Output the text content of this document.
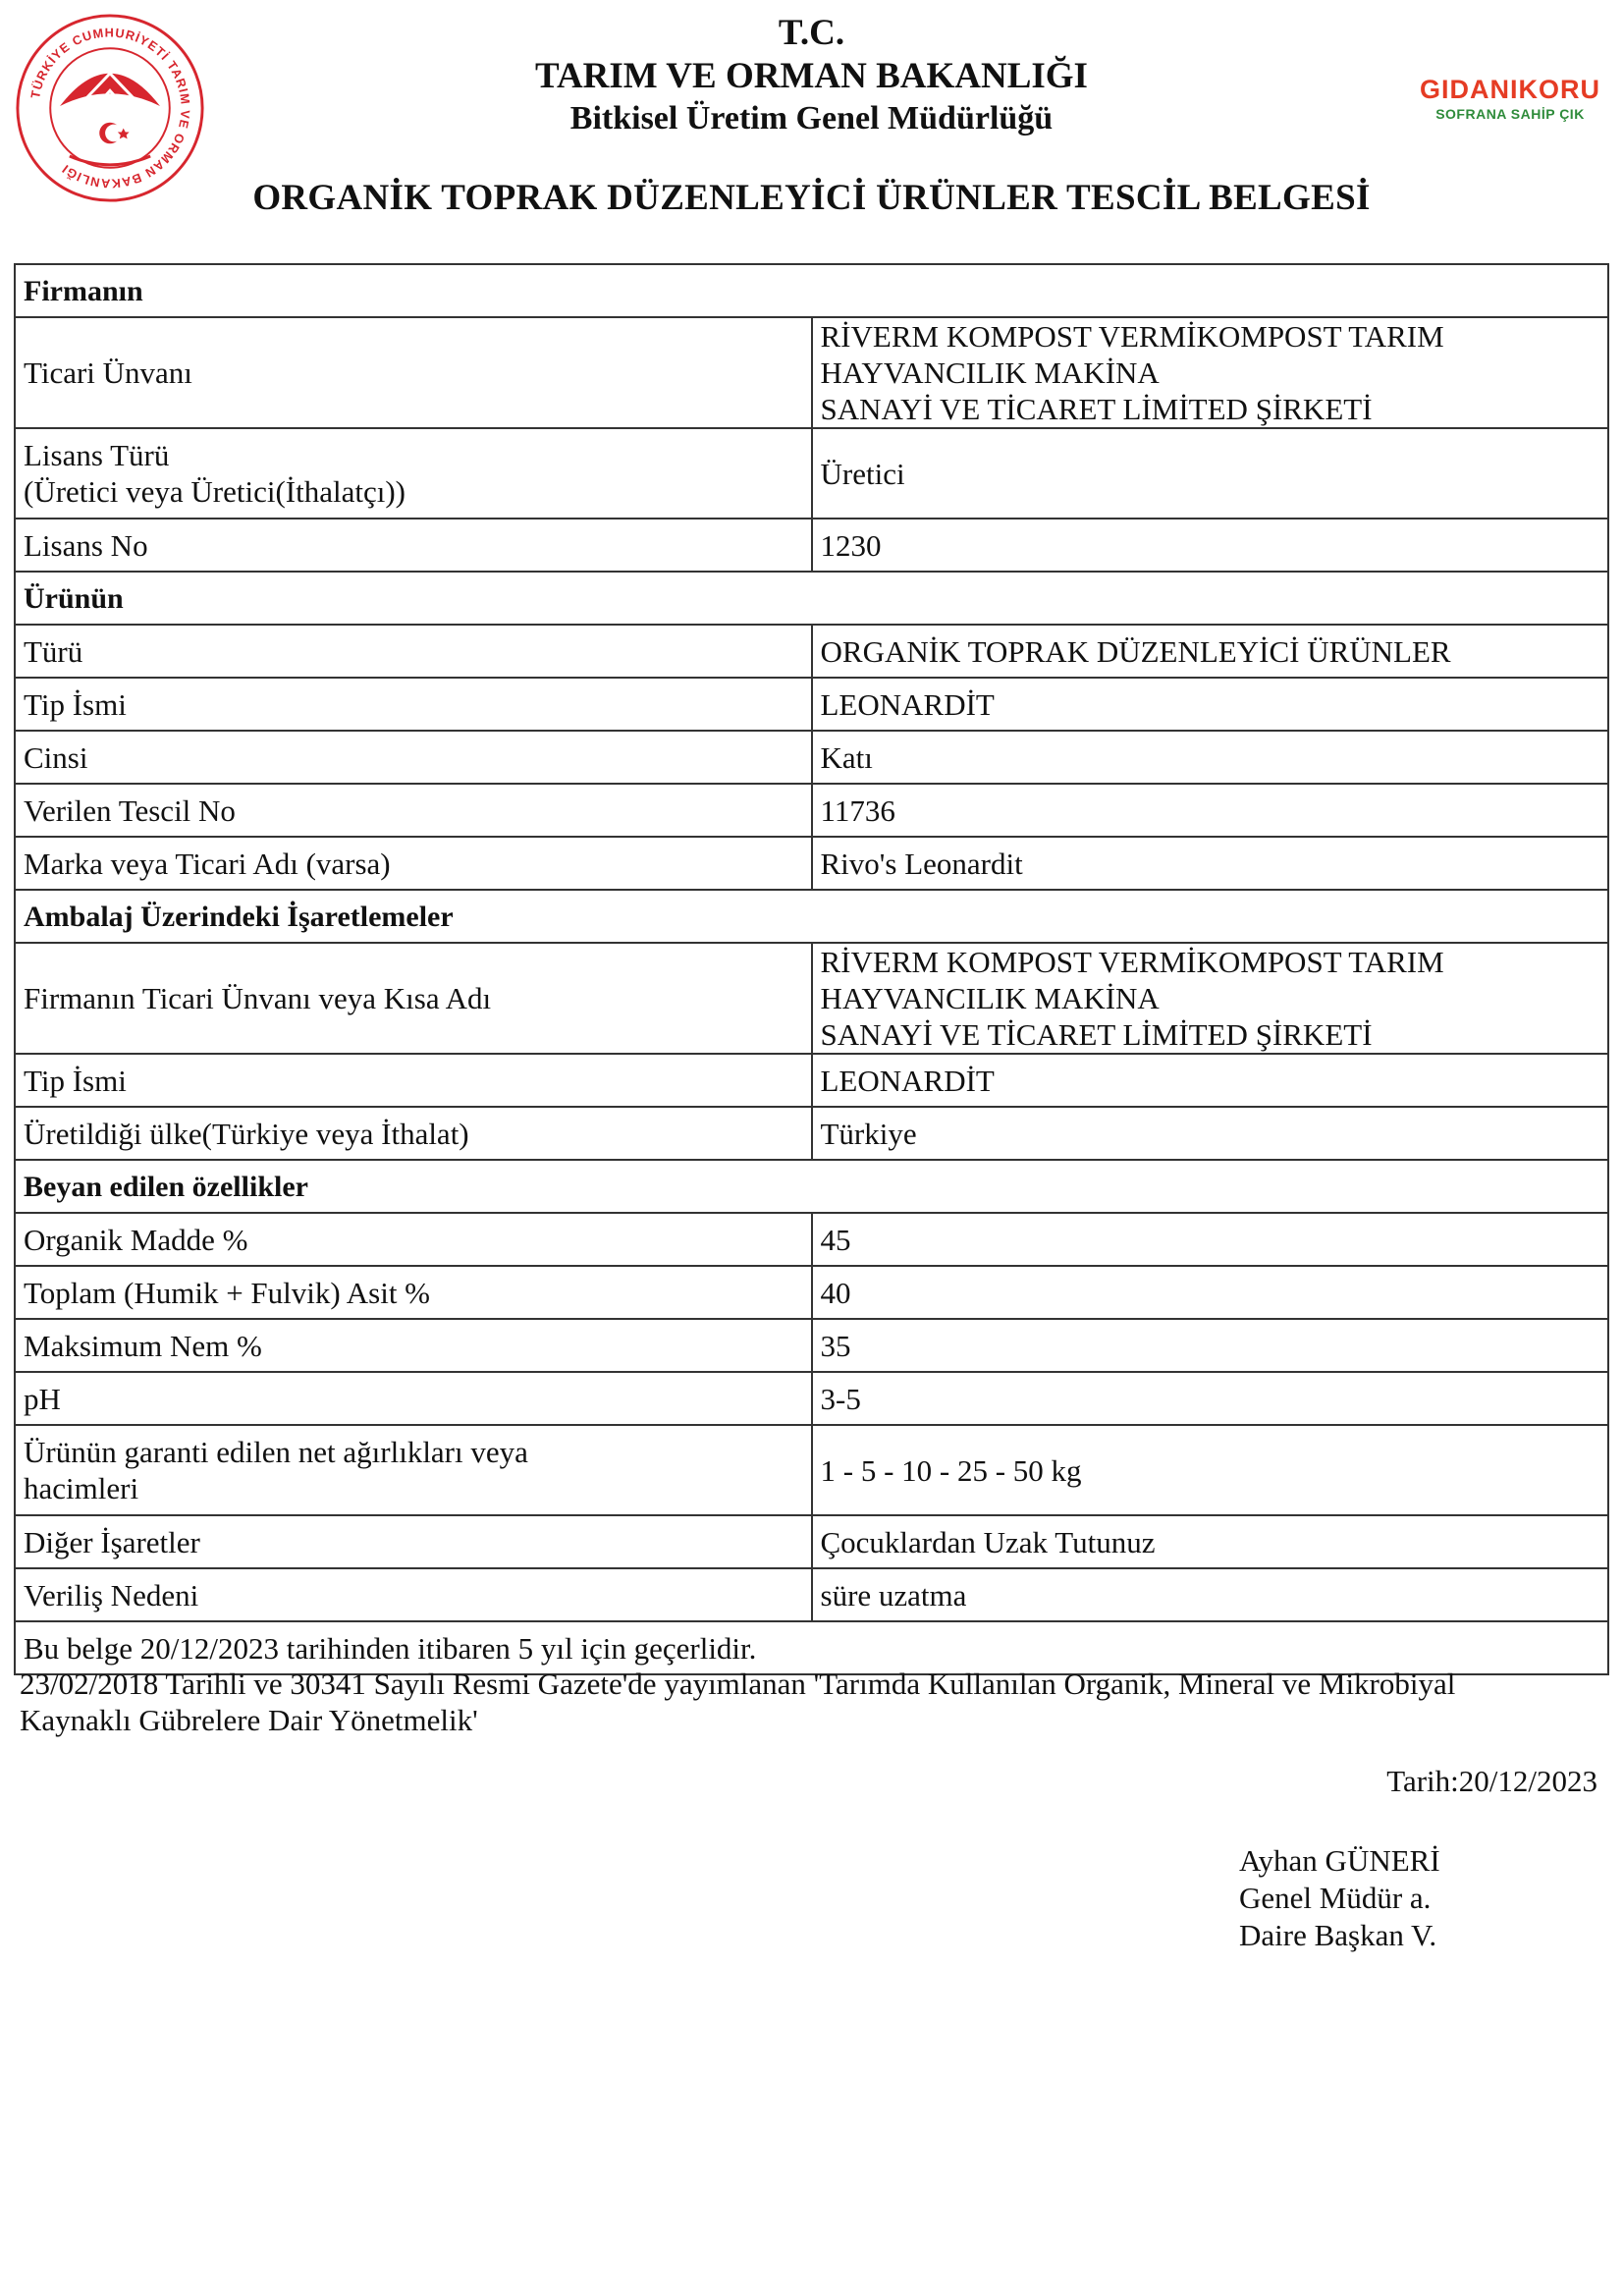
TÜRKİYE CUMHURİYETİ TARIM VE ORMAN BAKANLIĞI
GIDANIKORU
SOFRANA SAHİP ÇIK
T.C.
TARIM VE ORMAN BAKANLIĞI
Bitkisel Üretim Genel Müdürlüğü
ORGANİK TOPRAK DÜZENLEYİCİ ÜRÜNLER TESCİL BELGESİ
Firmanın	
Ticari Ünvanı	RİVERM KOMPOST VERMİKOMPOST TARIM HAYVANCILIK MAKİNA
SANAYİ VE TİCARET LİMİTED ŞİRKETİ

Lisans Türü
(Üretici veya Üretici(İthalatçı))	Üretici
Lisans No	1230
Ürünün	
Türü	ORGANİK TOPRAK DÜZENLEYİCİ ÜRÜNLER
Tip İsmi	LEONARDİT
Cinsi	Katı
Verilen Tescil No	11736
Marka veya Ticari Adı (varsa)	Rivo's Leonardit
Ambalaj Üzerindeki İşaretlemeler	
Firmanın Ticari Ünvanı veya Kısa Adı	RİVERM KOMPOST VERMİKOMPOST TARIM HAYVANCILIK MAKİNA
SANAYİ VE TİCARET LİMİTED ŞİRKETİ

Tip İsmi	LEONARDİT
Üretildiği ülke(Türkiye veya İthalat)	Türkiye
Beyan edilen özellikler	
Organik Madde %	45
Toplam (Humik + Fulvik) Asit %	40
Maksimum Nem %	35
pH	3-5

Ürünün garanti edilen net ağırlıkları veya
hacimleri	1 - 5 - 10 - 25 - 50 kg
Diğer İşaretler	Çocuklardan Uzak Tutunuz
Veriliş Nedeni	süre uzatma
Bu belge 20/12/2023 tarihinden itibaren 5 yıl için geçerlidir.	
23/02/2018 Tarihli ve 30341 Sayılı Resmi Gazete'de yayımlanan 'Tarımda Kullanılan Organik, Mineral ve Mikrobiyal
Kaynaklı Gübrelere Dair Yönetmelik'
Tarih:20/12/2023
Ayhan GÜNERİ
Genel Müdür a.
Daire Başkan V.
